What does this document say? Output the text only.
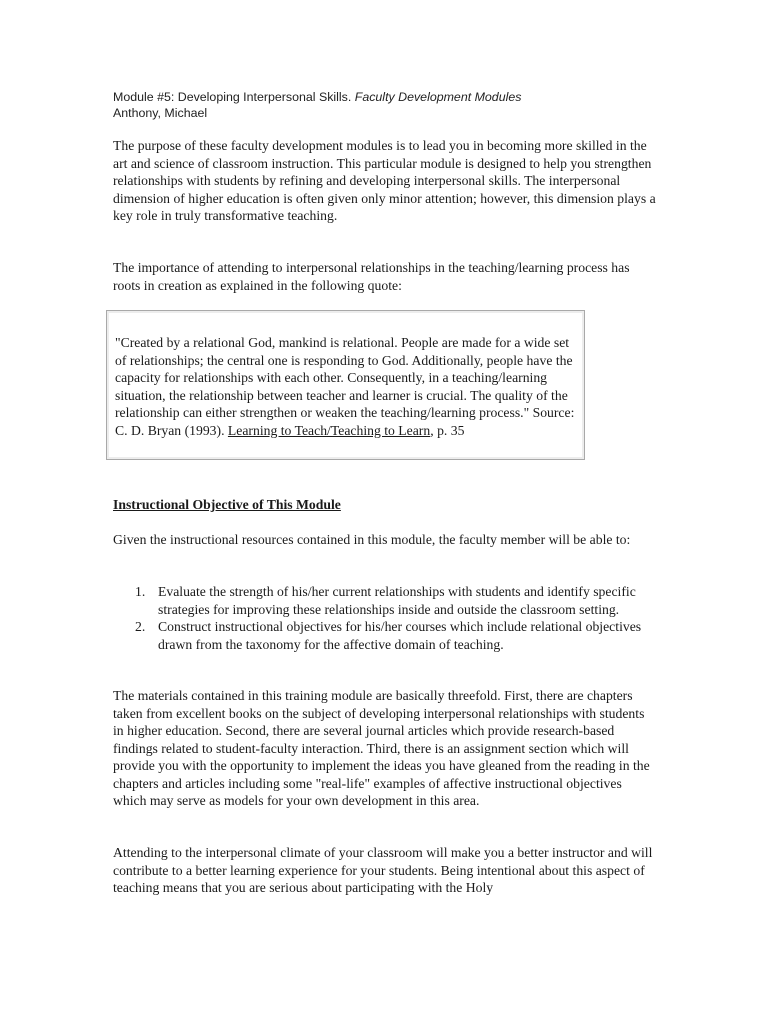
Module #5: Developing Interpersonal Skills. Faculty Development Modules
Anthony, Michael

The purpose of these faculty development modules is to lead you in becoming more skilled in the art and science of classroom instruction. This particular module is designed to help you strengthen relationships with students by refining and developing interpersonal skills. The interpersonal dimension of higher education is often given only minor attention; however, this dimension plays a key role in truly transformative teaching.

The importance of attending to interpersonal relationships in the teaching/learning process has roots in creation as explained in the following quote:

"Created by a relational God, mankind is relational. People are made for a wide set of relationships; the central one is responding to God. Additionally, people have the capacity for relationships with each other. Consequently, in a teaching/learning situation, the relationship between teacher and learner is crucial. The quality of the relationship can either strengthen or weaken the teaching/learning process." Source: C. D. Bryan (1993). Learning to Teach/Teaching to Learn, p. 35

Instructional Objective of This Module

Given the instructional resources contained in this module, the faculty member will be able to:

1. Evaluate the strength of his/her current relationships with students and identify specific strategies for improving these relationships inside and outside the classroom setting.
2. Construct instructional objectives for his/her courses which include relational objectives drawn from the taxonomy for the affective domain of teaching.

The materials contained in this training module are basically threefold. First, there are chapters taken from excellent books on the subject of developing interpersonal relationships with students in higher education. Second, there are several journal articles which provide research-based findings related to student-faculty interaction. Third, there is an assignment section which will provide you with the opportunity to implement the ideas you have gleaned from the reading in the chapters and articles including some "real-life" examples of affective instructional objectives which may serve as models for your own development in this area.

Attending to the interpersonal climate of your classroom will make you a better instructor and will contribute to a better learning experience for your students. Being intentional about this aspect of teaching means that you are serious about participating with the Holy
